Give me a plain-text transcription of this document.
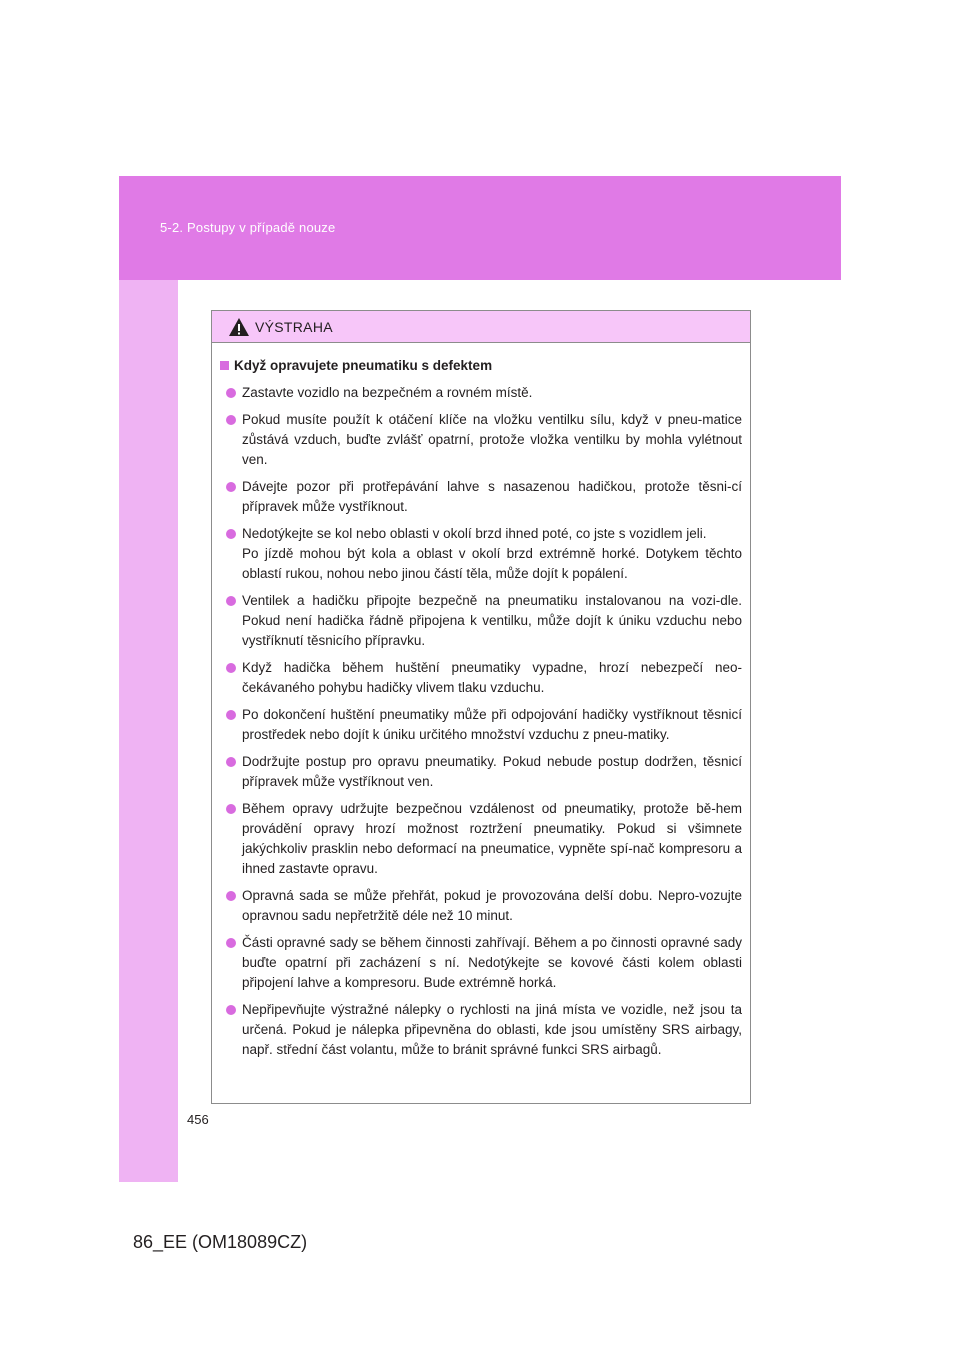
5-2. Postupy v případě nouze
VÝSTRAHA
Když opravujete pneumatiku s defektem

Zastavte vozidlo na bezpečném a rovném místě.

Pokud musíte použít k otáčení klíče na vložku ventilku sílu, když v pneu-matice zůstává vzduch, buďte zvlášť opatrní, protože vložka ventilku by mohla vylétnout ven.

Dávejte pozor při protřepávání lahve s nasazenou hadičkou, protože těsni-cí přípravek může vystříknout.

Nedotýkejte se kol nebo oblasti v okolí brzd ihned poté, co jste s vozidlem jeli.

Po jízdě mohou být kola a oblast v okolí brzd extrémně horké. Dotykem těchto oblastí rukou, nohou nebo jinou částí těla, může dojít k popálení.

Ventilek a hadičku připojte bezpečně na pneumatiku instalovanou na vozi-dle. Pokud není hadička řádně připojena k ventilku, může dojít k úniku vzduchu nebo vystříknutí těsnicího přípravku.

Když hadička během huštění pneumatiky vypadne, hrozí nebezpečí neo-čekávaného pohybu hadičky vlivem tlaku vzduchu.

Po dokončení huštění pneumatiky může při odpojování hadičky vystříknout těsnicí prostředek nebo dojít k úniku určitého množství vzduchu z pneu-matiky.

Dodržujte postup pro opravu pneumatiky. Pokud nebude postup dodržen, těsnicí přípravek může vystříknout ven.

Během opravy udržujte bezpečnou vzdálenost od pneumatiky, protože bě-hem provádění opravy hrozí možnost roztržení pneumatiky. Pokud si všimnete jakýchkoliv prasklin nebo deformací na pneumatice, vypněte spí-nač kompresoru a ihned zastavte opravu.

Opravná sada se může přehřát, pokud je provozována delší dobu. Nepro-vozujte opravnou sadu nepřetržitě déle než 10 minut.

Části opravné sady se během činnosti zahřívají. Během a po činnosti opravné sady buďte opatrní při zacházení s ní. Nedotýkejte se kovové části kolem oblasti připojení lahve a kompresoru. Bude extrémně horká.

Nepřipevňujte výstražné nálepky o rychlosti na jiná místa ve vozidle, než jsou ta určená. Pokud je nálepka připevněna do oblasti, kde jsou umístěny SRS airbagy, např. střední část volantu, může to bránit správné funkci SRS airbagů.

456
86_EE (OM18089CZ)
